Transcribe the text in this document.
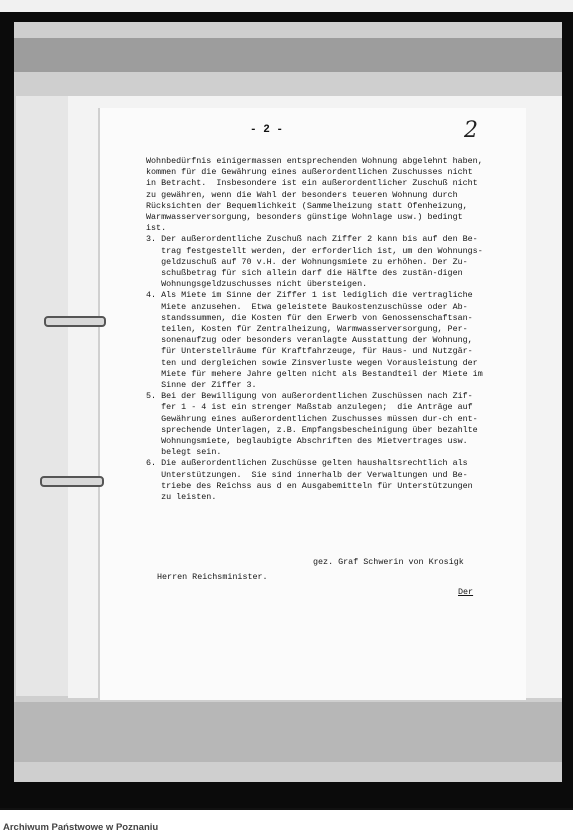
- 2 -	2
Wohnbedürfnis einigermassen entsprechenden Wohnung abgelehnt haben,
kommen für die Gewährung eines außerordentlichen Zuschusses nicht
in Betracht.  Insbesondere ist ein außerordentlicher Zuschuß nicht
zu gewähren, wenn die Wahl der besonders teueren Wohnung durch
Rücksichten der Bequemlichkeit (Sammelheizung statt Ofenheizung,
Warmwasserversorgung, besonders günstige Wohnlage usw.) bedingt
ist.
3. Der außerordentliche Zuschuß nach Ziffer 2 kann bis auf den Be-
trag festgestellt werden, der erforderlich ist, um den Wohnungs-
geldzuschuß auf 70 v.H. der Wohnungsmiete zu erhöhen. Der Zu-
schußbetrag für sich allein darf die Hälfte des zustän-digen
Wohnungsgeldzuschusses nicht übersteigen.
4. Als Miete im Sinne der Ziffer 1 ist lediglich die vertragliche
Miete anzusehen.  Etwa geleistete Baukostenzuschüsse oder Ab-
standssummen, die Kosten für den Erwerb von Genossenschaftsan-
teilen, Kosten für Zentralheizung, Warmwasserversorgung, Per-
sonenaufzug oder besonders veranlagte Ausstattung der Wohnung,
für Unterstellräume für Kraftfahrzeuge, für Haus- und Nutzgär-
ten und dergleichen sowie Zinsverluste wegen Vorausleistung der
Miete für mehere Jahre gelten nicht als Bestandteil der Miete im
Sinne der Ziffer 3.
5. Bei der Bewilligung von außerordentlichen Zuschüssen nach Zif-
fer 1 - 4 ist ein strenger Maßstab anzulegen;  die Anträge auf
Gewährung eines außerordentlichen Zuschusses müssen dur-ch ent-
sprechende Unterlagen, z.B. Empfangsbescheinigung über bezahlte
Wohnungsmiete, beglaubigte Abschriften des Mietvertrages usw.
belegt sein.
6. Die außerordentlichen Zuschüsse gelten haushaltsrechtlich als
Unterstützungen.  Sie sind innerhalb der Verwaltungen und Be-
triebe des Reichss aus d en Ausgabemitteln für Unterstützungen
zu leisten.
gez. Graf Schwerin von Krosigk
Herren Reichsminister.
Der
Archiwum Państwowe w Poznaniu
